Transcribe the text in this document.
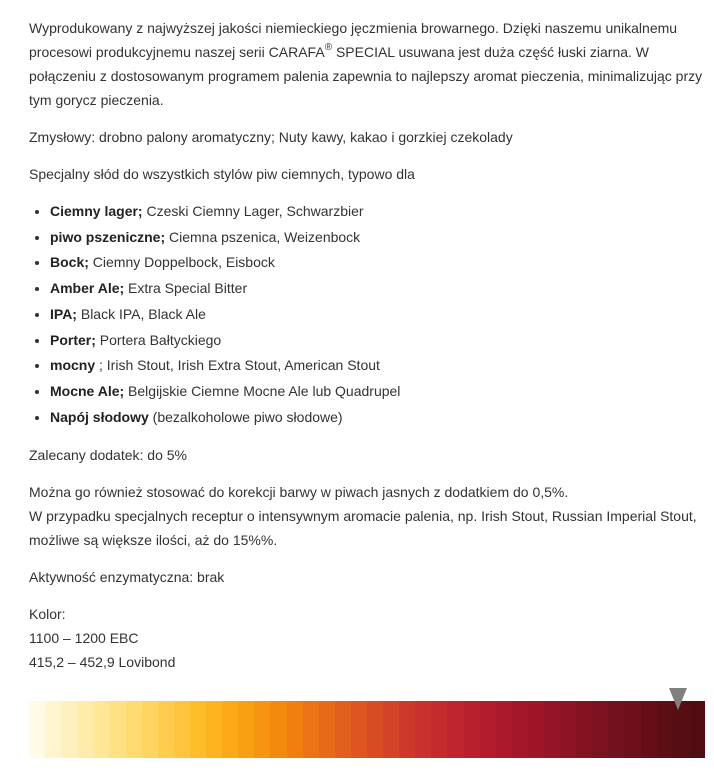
Wyprodukowany z najwyższej jakości niemieckiego jęczmienia browarnego. Dzięki naszemu unikalnemu procesowi produkcyjnemu naszej serii CARAFA® SPECIAL usuwana jest duża część łuski ziarna. W połączeniu z dostosowanym programem palenia zapewnia to najlepszy aromat pieczenia, minimalizując przy tym gorycz pieczenia.

Zmysłowy: drobno palony aromatyczny; Nuty kawy, kakao i gorzkiej czekolady

Specjalny słód do wszystkich stylów piw ciemnych, typowo dla

• Ciemny lager; Czeski Ciemny Lager, Schwarzbier
• piwo pszeniczne; Ciemna pszenica, Weizenbock
• Bock; Ciemny Doppelbock, Eisbock
• Amber Ale; Extra Special Bitter
• IPA; Black IPA, Black Ale
• Porter; Portera Bałtyckiego
• mocny ; Irish Stout, Irish Extra Stout, American Stout
• Mocne Ale; Belgijskie Ciemne Mocne Ale lub Quadrupel
• Napój słodowy (bezalkoholowe piwo słodowe)

Zalecany dodatek: do 5%

Można go również stosować do korekcji barwy w piwach jasnych z dodatkiem do 0,5%.

W przypadku specjalnych receptur o intensywnym aromacie palenia, np. Irish Stout, Russian Imperial Stout, możliwe są większe ilości, aż do 15%%.

Aktywność enzymatyczna: brak

Kolor:

1100 – 1200 EBC

415,2 – 452,9 Lovibond
